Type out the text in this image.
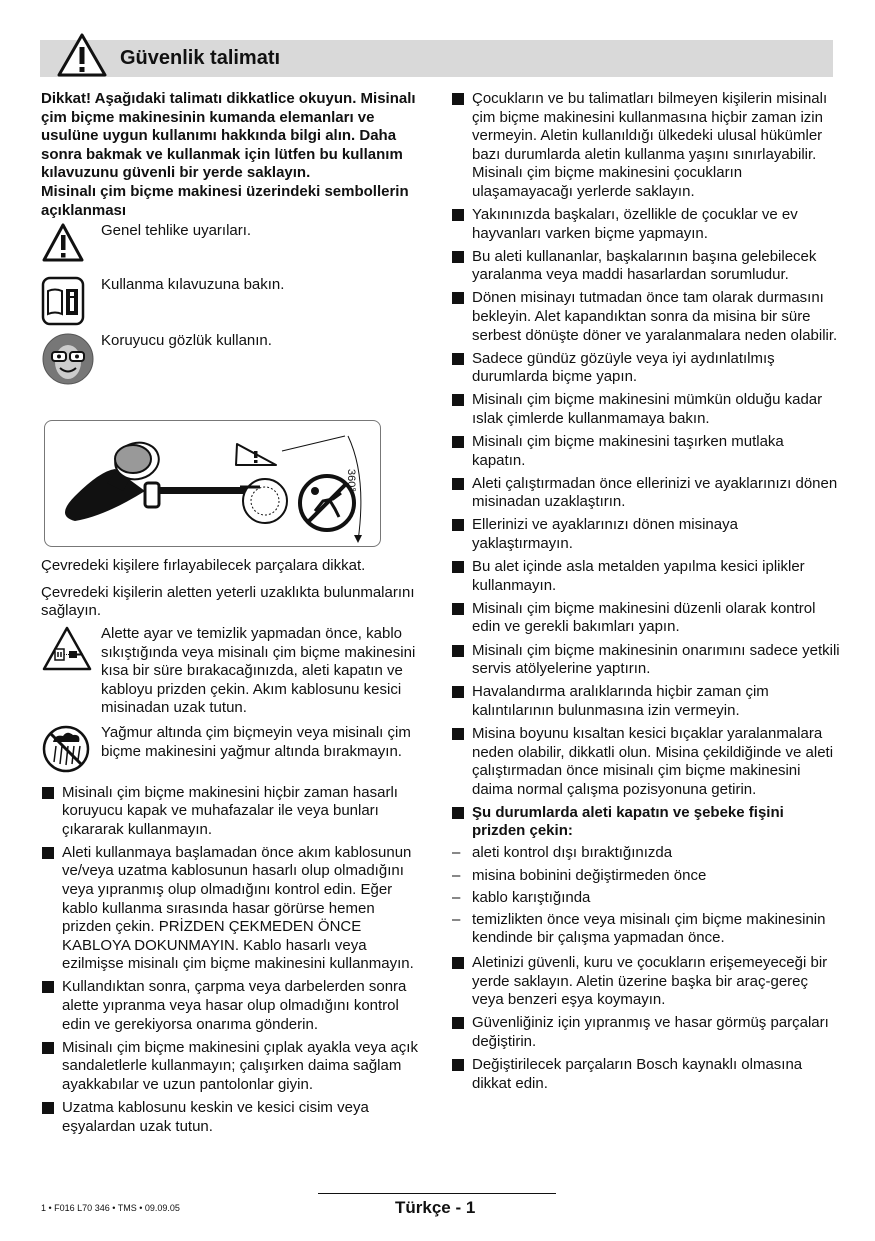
Güvenlik talimatı
Dikkat! Aşağıdaki talimatı dikkatlice okuyun. Misinalı çim biçme makinesinin kumanda elemanları ve usulüne uygun kullanımı hakkında bilgi alın. Daha sonra bakmak ve kullanmak için lütfen bu kullanım kılavuzunu güvenli bir yerde saklayın.
Misinalı çim biçme makinesi üzerindeki sembollerin açıklanması
Genel tehlike uyarıları.
Kullanma kılavuzuna bakın.
Koruyucu gözlük kullanın.
360°
Çevredeki kişilere fırlayabilecek parçalara dikkat.
Çevredeki kişilerin aletten yeterli uzaklıkta bulunmalarını sağlayın.
Alette ayar ve temizlik yapmadan önce, kablo sıkıştığında veya misinalı çim biçme makinesini kısa bir süre bırakacağınızda, aleti kapatın ve kabloyu prizden çekin. Akım kablosunu kesici misinadan uzak tutun.
Yağmur altında çim biçmeyin veya misinalı çim biçme makinesini yağmur altında bırakmayın.
Misinalı çim biçme makinesini hiçbir zaman hasarlı koruyucu kapak ve muhafazalar ile veya bunları çıkararak kullanmayın.
Aleti kullanmaya başlamadan önce akım kablosunun ve/veya uzatma kablosunun hasarlı olup olmadığını veya yıpranmış olup olmadığını kontrol edin. Eğer kablo kullanma sırasında hasar görürse hemen prizden çekin. PRİZDEN ÇEKMEDEN ÖNCE KABLOYA DOKUNMAYIN. Kablo hasarlı veya ezilmişse misinalı çim biçme makinesini kullanmayın.
Kullandıktan sonra, çarpma veya darbelerden sonra alette yıpranma veya hasar olup olmadığını kontrol edin ve gerekiyorsa onarıma gönderin.
Misinalı çim biçme makinesini çıplak ayakla veya açık sandaletlerle kullanmayın; çalışırken daima sağlam ayakkabılar ve uzun pantolonlar giyin.
Uzatma kablosunu keskin ve kesici cisim veya eşyalardan uzak tutun.
Çocukların ve bu talimatları bilmeyen kişilerin misinalı çim biçme makinesini kullanmasına hiçbir zaman izin vermeyin. Aletin kullanıldığı ülkedeki ulusal hükümler bazı durumlarda aletin kullanma yaşını sınırlayabilir. Misinalı çim biçme makinesini çocukların ulaşamayacağı yerlerde saklayın.
Yakınınızda başkaları, özellikle de çocuklar ve ev hayvanları varken biçme yapmayın.
Bu aleti kullananlar, başkalarının başına gelebilecek yaralanma veya maddi hasarlardan sorumludur.
Dönen misinayı tutmadan önce tam olarak durmasını bekleyin. Alet kapandıktan sonra da misina bir süre serbest dönüşte döner ve yaralanmalara neden olabilir.
Sadece gündüz gözüyle veya iyi aydınlatılmış durumlarda biçme yapın.
Misinalı çim biçme makinesini mümkün olduğu kadar ıslak çimlerde kullanmamaya bakın.
Misinalı çim biçme makinesini taşırken mutlaka kapatın.
Aleti çalıştırmadan önce ellerinizi ve ayaklarınızı dönen misinadan uzaklaştırın.
Ellerinizi ve ayaklarınızı dönen misinaya yaklaştırmayın.
Bu alet içinde asla metalden yapılma kesici iplikler kullanmayın.
Misinalı çim biçme makinesini düzenli olarak kontrol edin ve gerekli bakımları yapın.
Misinalı çim biçme makinesinin onarımını sadece yetkili servis atölyelerine yaptırın.
Havalandırma aralıklarında hiçbir zaman çim kalıntılarının bulunmasına izin vermeyin.
Misina boyunu kısaltan kesici bıçaklar yaralanmalara neden olabilir, dikkatli olun. Misina çekildiğinde ve aleti çalıştırmadan önce misinalı çim biçme makinesini daima normal çalışma pozisyonuna getirin.
Şu durumlarda aleti kapatın ve şebeke fişini prizden çekin:
– aleti kontrol dışı bıraktığınızda
– misina bobinini değiştirmeden önce
– kablo karıştığında
– temizlikten önce veya misinalı çim biçme makinesinin kendinde bir çalışma yapmadan önce.
Aletinizi güvenli, kuru ve çocukların erişemeyeceği bir yerde saklayın. Aletin üzerine başka bir araç-gereç veya benzeri eşya koymayın.
Güvenliğiniz için yıpranmış ve hasar görmüş parçaları değiştirin.
Değiştirilecek parçaların Bosch kaynaklı olmasına dikkat edin.
1 • F016 L70 346 • TMS • 09.09.05	Türkçe - 1
